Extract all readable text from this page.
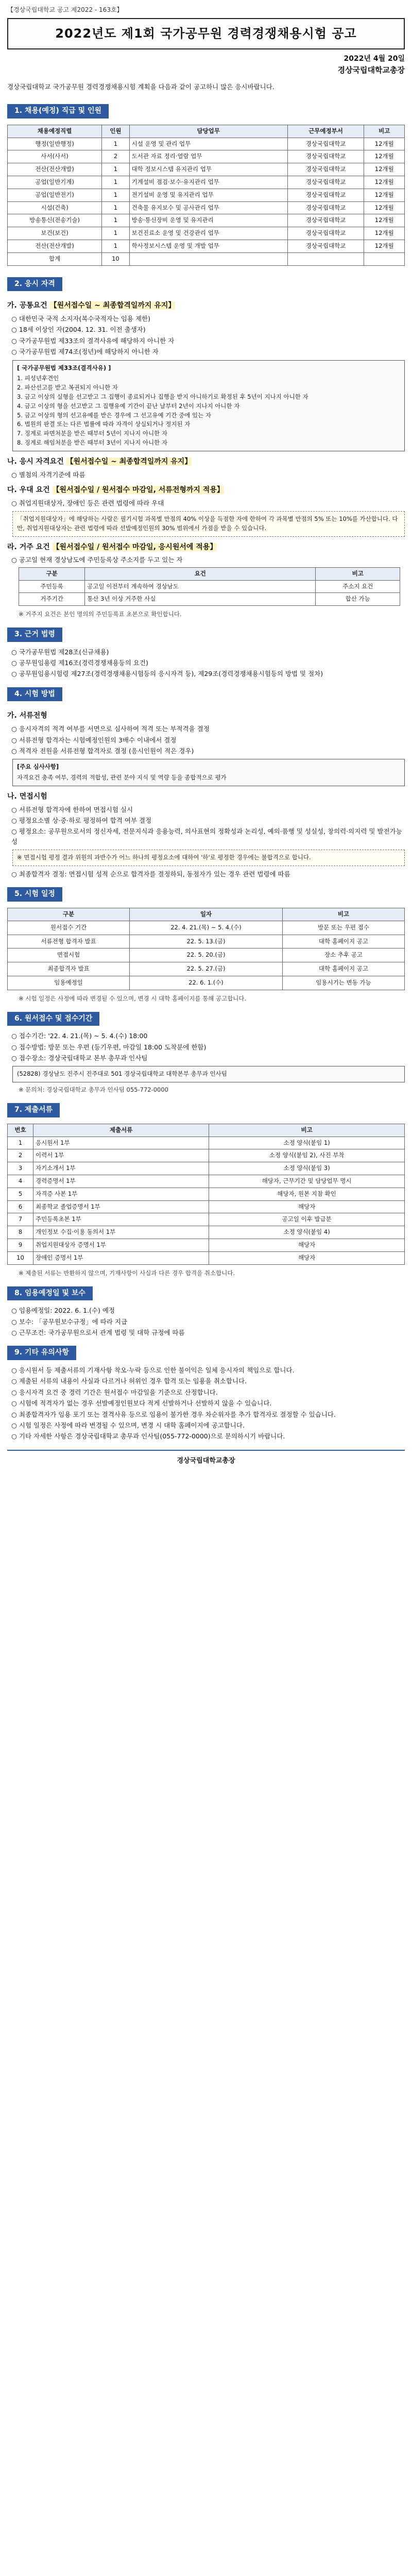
【경상국립대학교 공고 제2022 - 163호】
2022년도 제1회 국가공무원 경력경쟁채용시험 공고
2022년 4월 20일
경상국립대학교총장
경상국립대학교 국가공무원 경력경쟁채용시험 계획을 다음과 같이 공고하니 많은 응시바랍니다.
1. 채용(예정) 직급 및 인원
채용예정직렬	인원	담당업무	근무예정부서	비고
행정(일반행정)	1	시설 운영 및 관리 업무	경상국립대학교	12개월
사서(사서)	2	도서관 자료 정리·열람 업무	경상국립대학교	12개월
전산(전산개발)	1	대학 정보시스템 유지관리 업무	경상국립대학교	12개월
공업(일반기계)	1	기계설비 점검·보수·유지관리 업무	경상국립대학교	12개월
공업(일반전기)	1	전기설비 운영 및 유지관리 업무	경상국립대학교	12개월
시설(건축)	1	건축물 유지보수 및 공사관리 업무	경상국립대학교	12개월
방송통신(전송기술)	1	방송·통신장비 운영 및 유지관리	경상국립대학교	12개월
보건(보건)	1	보건진료소 운영 및 건강관리 업무	경상국립대학교	12개월
전산(전산개발)	1	학사정보시스템 운영 및 개발 업무	경상국립대학교	12개월
합계	10			
2. 응시 자격
가. 공통요건 【원서접수일 ~ 최종합격일까지 유지】
○ 대한민국 국적 소지자(복수국적자는 임용 제한)
○ 18세 이상인 자(2004. 12. 31. 이전 출생자)
○ 국가공무원법 제33조의 결격사유에 해당하지 아니한 자
○ 국가공무원법 제74조(정년)에 해당하지 아니한 자
[ 국가공무원법 제33조(결격사유) ]
1. 피성년후견인
2. 파산선고를 받고 복권되지 아니한 자
3. 금고 이상의 실형을 선고받고 그 집행이 종료되거나 집행을 받지 아니하기로 확정된 후 5년이 지나지 아니한 자
4. 금고 이상의 형을 선고받고 그 집행유예 기간이 끝난 날부터 2년이 지나지 아니한 자
5. 금고 이상의 형의 선고유예를 받은 경우에 그 선고유예 기간 중에 있는 자
6. 법원의 판결 또는 다른 법률에 따라 자격이 상실되거나 정지된 자
7. 징계로 파면처분을 받은 때부터 5년이 지나지 아니한 자
8. 징계로 해임처분을 받은 때부터 3년이 지나지 아니한 자
나. 응시 자격요건 【원서접수일 ~ 최종합격일까지 유지】
○ 별첨의 자격기준에 따름
다. 우대 요건 【원서접수일 / 원서접수 마감일, 서류전형까지 적용】
○ 취업지원대상자, 장애인 등은 관련 법령에 따라 우대
「취업지원대상자」에 해당하는 사람은 필기시험 과목별 만점의 40% 이상을 득점한 자에 한하여 각 과목별 만점의 5% 또는 10%를 가산합니다. 다만, 취업지원대상자는 관련 법령에 따라 선발예정인원의 30% 범위에서 가점을 받을 수 있습니다.
라. 거주 요건 【원서접수일 / 원서접수 마감일, 응시원서에 적용】
○ 공고일 현재 경상남도에 주민등록상 주소지를 두고 있는 자
구분	요건	비고
주민등록	공고일 이전부터 계속하여 경상남도	주소지 요건
거주기간	통산 3년 이상 거주한 사실	합산 가능
※ 거주지 요건은 본인 명의의 주민등록표 초본으로 확인합니다.
3. 근거 법령
○ 국가공무원법 제28조(신규채용)
○ 공무원임용령 제16조(경력경쟁채용등의 요건)
○ 공무원임용시험령 제27조(경력경쟁채용시험등의 응시자격 등), 제29조(경력경쟁채용시험등의 방법 및 절차)
4. 시험 방법
가. 서류전형
○ 응시자격의 적격 여부를 서면으로 심사하여 적격 또는 부적격을 결정
○ 서류전형 합격자는 시험예정인원의 3배수 이내에서 결정
○ 적격자 전원을 서류전형 합격자로 결정 (응시인원이 적은 경우)
[주요 심사사항]
자격요건 충족 여부, 경력의 적합성, 관련 분야 지식 및 역량 등을 종합적으로 평가
나. 면접시험
○ 서류전형 합격자에 한하여 면접시험 실시
○ 평정요소별 상·중·하로 평정하여 합격 여부 결정
○ 평정요소: 공무원으로서의 정신자세, 전문지식과 응용능력, 의사표현의 정확성과 논리성, 예의·품행 및 성실성, 창의력·의지력 및 발전가능성
※ 면접시험 평정 결과 위원의 과반수가 어느 하나의 평정요소에 대하여 '하'로 평정한 경우에는 불합격으로 합니다.
○ 최종합격자 결정: 면접시험 성적 순으로 합격자를 결정하되, 동점자가 있는 경우 관련 법령에 따름
5. 시험 일정
구분	일자	비고
원서접수 기간	22. 4. 21.(목) ~ 5. 4.(수)	방문 또는 우편 접수
서류전형 합격자 발표	22. 5. 13.(금)	대학 홈페이지 공고
면접시험	22. 5. 20.(금)	장소 추후 공고
최종합격자 발표	22. 5. 27.(금)	대학 홈페이지 공고
임용예정일	22. 6. 1.(수)	임용시기는 변동 가능
※ 시험 일정은 사정에 따라 변경될 수 있으며, 변경 시 대학 홈페이지를 통해 공고합니다.
6. 원서접수 및 접수기간
○ 접수기간: '22. 4. 21.(목) ~ 5. 4.(수) 18:00
○ 접수방법: 방문 또는 우편 (등기우편, 마감일 18:00 도착분에 한함)
○ 접수장소: 경상국립대학교 본부 총무과 인사팀
(52828) 경상남도 진주시 진주대로 501 경상국립대학교 대학본부 총무과 인사팀
※ 문의처: 경상국립대학교 총무과 인사팀 055-772-0000
7. 제출서류
번호	제출서류	비고
1	응시원서 1부	소정 양식(붙임 1)
2	이력서 1부	소정 양식(붙임 2), 사진 부착
3	자기소개서 1부	소정 양식(붙임 3)
4	경력증명서 1부	해당자, 근무기간 및 담당업무 명시
5	자격증 사본 1부	해당자, 원본 지참 확인
6	최종학교 졸업증명서 1부	해당자
7	주민등록초본 1부	공고일 이후 발급분
8	개인정보 수집·이용 동의서 1부	소정 양식(붙임 4)
9	취업지원대상자 증명서 1부	해당자
10	장애인 증명서 1부	해당자
※ 제출된 서류는 반환하지 않으며, 기재사항이 사실과 다른 경우 합격을 취소합니다.
8. 임용예정일 및 보수
○ 임용예정일: 2022. 6. 1.(수) 예정
○ 보수: 「공무원보수규정」에 따라 지급
○ 근무조건: 국가공무원으로서 관계 법령 및 대학 규정에 따름
9. 기타 유의사항
○ 응시원서 등 제출서류의 기재사항 착오·누락 등으로 인한 불이익은 일체 응시자의 책임으로 합니다.
○ 제출된 서류의 내용이 사실과 다르거나 허위인 경우 합격 또는 임용을 취소합니다.
○ 응시자격 요건 중 경력 기간은 원서접수 마감일을 기준으로 산정합니다.
○ 시험에 적격자가 없는 경우 선발예정인원보다 적게 선발하거나 선발하지 않을 수 있습니다.
○ 최종합격자가 임용 포기 또는 결격사유 등으로 임용이 불가한 경우 차순위자를 추가 합격자로 결정할 수 있습니다.
○ 시험 일정은 사정에 따라 변경될 수 있으며, 변경 시 대학 홈페이지에 공고합니다.
○ 기타 자세한 사항은 경상국립대학교 총무과 인사팀(055-772-0000)으로 문의하시기 바랍니다.
경상국립대학교총장
